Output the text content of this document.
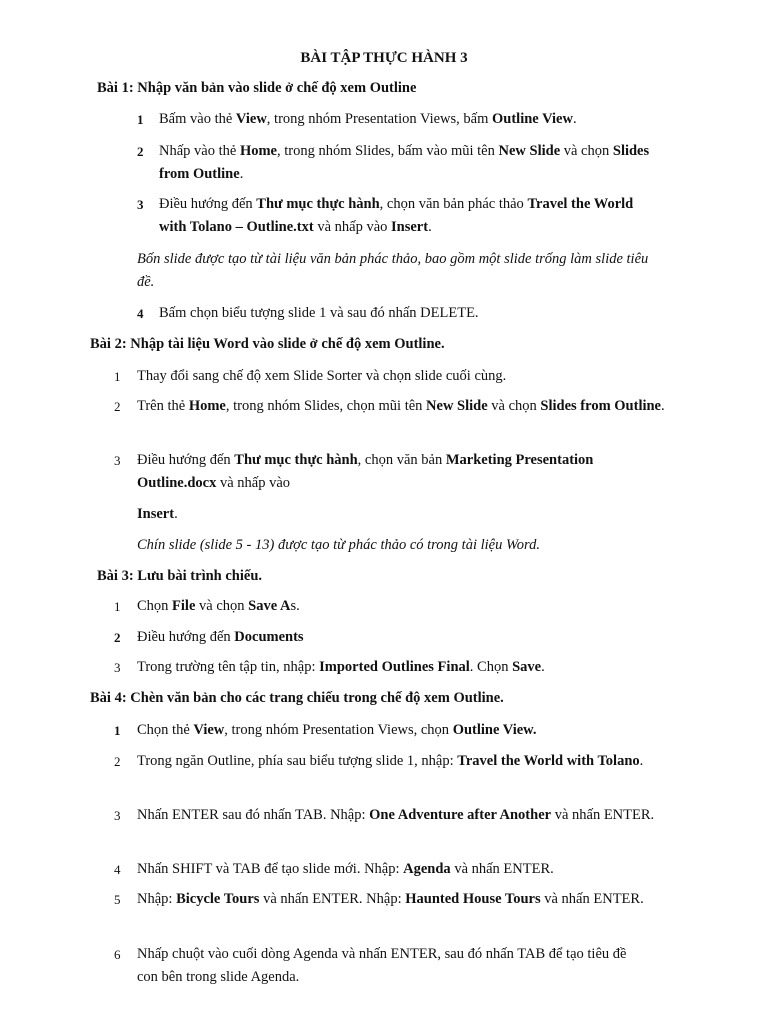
BÀI TẬP THỰC HÀNH 3
Bài 1: Nhập văn bản vào slide ở chế độ xem Outline
1 Bấm vào thẻ View, trong nhóm Presentation Views, bấm Outline View.
2 Nhấp vào thẻ Home, trong nhóm Slides, bấm vào mũi tên New Slide và chọn Slides from Outline.
3 Điều hướng đến Thư mục thực hành, chọn văn bản phác thảo Travel the World with Tolano – Outline.txt và nhấp vào Insert.
Bốn slide được tạo từ tài liệu văn bản phác thảo, bao gồm một slide trống làm slide tiêu đề.
4 Bấm chọn biểu tượng slide 1 và sau đó nhấn DELETE.
Bài 2: Nhập tài liệu Word vào slide ở chế độ xem Outline.
1 Thay đổi sang chế độ xem Slide Sorter và chọn slide cuối cùng.
2 Trên thẻ Home, trong nhóm Slides, chọn mũi tên New Slide và chọn Slides from Outline.
3 Điều hướng đến Thư mục thực hành, chọn văn bản Marketing Presentation Outline.docx và nhấp vào
Insert.
Chín slide (slide 5 - 13) được tạo từ phác thảo có trong tài liệu Word.
Bài 3: Lưu bài trình chiếu.
1 Chọn File và chọn Save As.
2 Điều hướng đến Documents
3 Trong trường tên tập tin, nhập: Imported Outlines Final. Chọn Save.
Bài 4: Chèn văn bản cho các trang chiếu trong chế độ xem Outline.
1 Chọn thẻ View, trong nhóm Presentation Views, chọn Outline View.
2 Trong ngăn Outline, phía sau biểu tượng slide 1, nhập: Travel the World with Tolano.
3 Nhấn ENTER sau đó nhấn TAB. Nhập: One Adventure after Another và nhấn ENTER.
4 Nhấn SHIFT và TAB để tạo slide mới. Nhập: Agenda và nhấn ENTER.
5 Nhập: Bicycle Tours và nhấn ENTER. Nhập: Haunted House Tours và nhấn ENTER.
6 Nhấp chuột vào cuối dòng Agenda và nhấn ENTER, sau đó nhấn TAB để tạo tiêu đề con bên trong slide Agenda.
